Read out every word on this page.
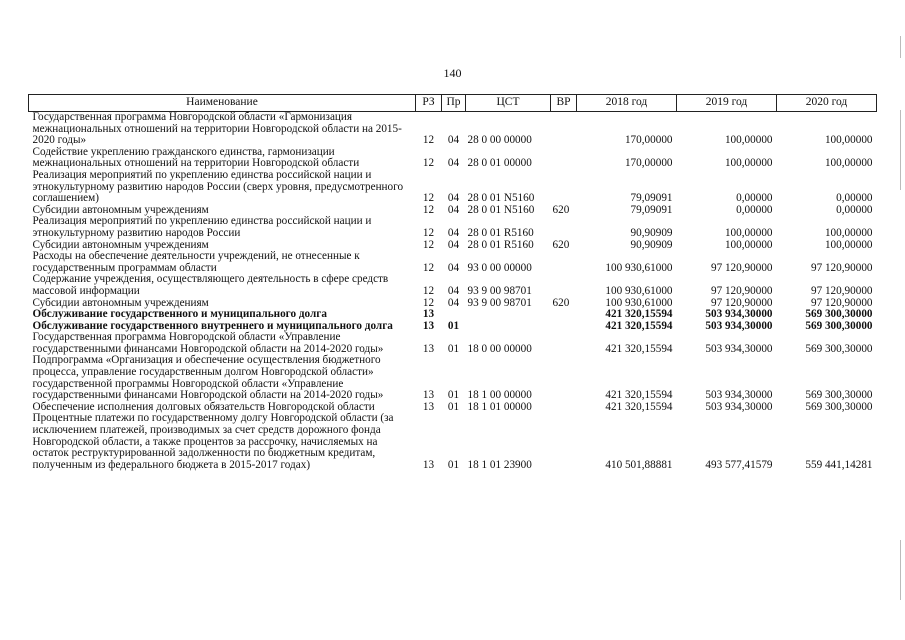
140
Наименование	РЗ	Пр	ЦСТ	ВР	2018 год	2019 год	2020 год
Государственная программа Новгородской области «Гармонизация межнациональных отношений на территории Новгородской области на 2015-2020 годы»	12	04	28 0 00 00000		170,00000	100,00000	100,00000
Содействие укреплению гражданского единства, гармонизации межнациональных отношений на территории Новгородской области	12	04	28 0 01 00000		170,00000	100,00000	100,00000
Реализация мероприятий по укреплению единства российской нации и этнокультурному развитию народов России (сверх уровня, предусмотренного соглашением)	12	04	28 0 01 N5160		79,09091	0,00000	0,00000
Субсидии автономным учреждениям	12	04	28 0 01 N5160	620	79,09091	0,00000	0,00000
Реализация мероприятий по укреплению единства российской нации и этнокультурному развитию народов России	12	04	28 0 01 R5160		90,90909	100,00000	100,00000
Субсидии автономным учреждениям	12	04	28 0 01 R5160	620	90,90909	100,00000	100,00000
Расходы на обеспечение деятельности учреждений, не отнесенные к государственным программам области	12	04	93 0 00 00000		100 930,61000	97 120,90000	97 120,90000
Содержание учреждения, осуществляющего деятельность в сфере средств массовой информации	12	04	93 9 00 98701		100 930,61000	97 120,90000	97 120,90000
Субсидии автономным учреждениям	12	04	93 9 00 98701	620	100 930,61000	97 120,90000	97 120,90000
Обслуживание государственного и муниципального долга	13				421 320,15594	503 934,30000	569 300,30000
Обслуживание государственного внутреннего и муниципального долга	13	01			421 320,15594	503 934,30000	569 300,30000
Государственная программа Новгородской области «Управление государственными финансами Новгородской области на 2014-2020 годы»	13	01	18 0 00 00000		421 320,15594	503 934,30000	569 300,30000
Подпрограмма «Организация и обеспечение осуществления бюджетного процесса, управление государственным долгом Новгородской области» государственной программы Новгородской области «Управление государственными финансами Новгородской области на 2014-2020 годы»	13	01	18 1 00 00000		421 320,15594	503 934,30000	569 300,30000
Обеспечение исполнения долговых обязательств Новгородской области	13	01	18 1 01 00000		421 320,15594	503 934,30000	569 300,30000
Процентные платежи по государственному долгу Новгородской области (за исключением платежей, производимых за счет средств дорожного фонда Новгородской области, а также процентов за рассрочку, начисляемых на остаток реструктурированной задолженности по бюджетным кредитам, полученным из федерального бюджета в 2015-2017 годах)	13	01	18 1 01 23900		410 501,88881	493 577,41579	559 441,14281
